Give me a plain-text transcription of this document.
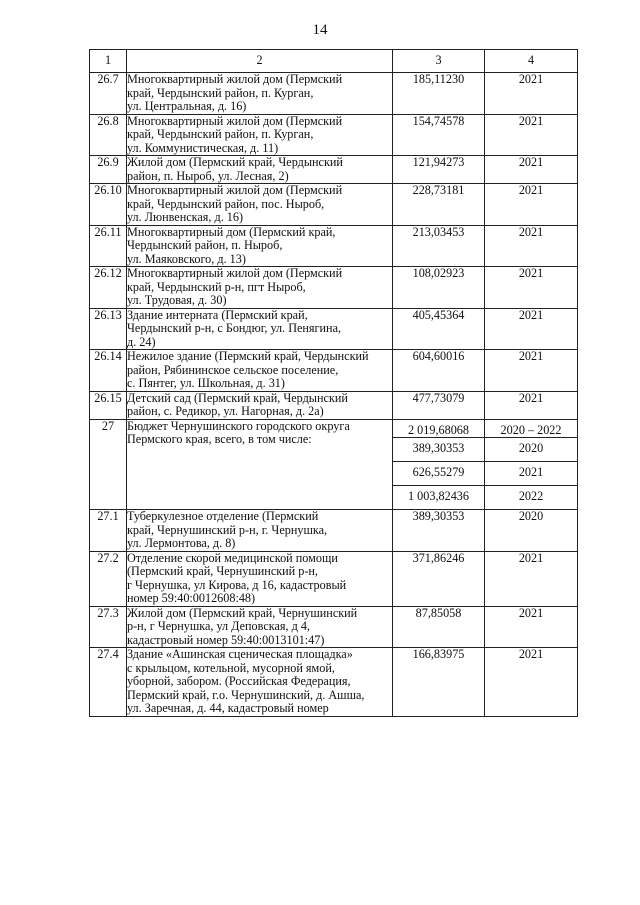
14
1	2	3	4
26.7	Многоквартирный жилой дом (Пермский
край, Чердынский район, п. Курган,
ул. Центральная, д. 16)	185,11230	2021
26.8	Многоквартирный жилой дом (Пермский
край, Чердынский район, п. Курган,
ул. Коммунистическая, д. 11)	154,74578	2021
26.9	Жилой дом (Пермский край, Чердынский
район, п. Ныроб, ул. Лесная, 2)	121,94273	2021
26.10	Многоквартирный жилой дом (Пермский
край, Чердынский район, пос. Ныроб,
ул. Люнвенская, д. 16)	228,73181	2021
26.11	Многоквартирный дом (Пермский край,
Чердынский район, п. Ныроб,
ул. Маяковского, д. 13)	213,03453	2021
26.12	Многоквартирный жилой дом (Пермский
край, Чердынский р-н, пгт Ныроб,
ул. Трудовая, д. 30)	108,02923	2021
26.13	Здание интерната (Пермский край,
Чердынский р-н, с Бондюг, ул. Пенягина,
д. 24)	405,45364	2021
26.14	Нежилое здание (Пермский край, Чердынский
район, Рябининское сельское поселение,
с. Пянтег, ул. Школьная, д. 31)	604,60016	2021
26.15	Детский сад (Пермский край, Чердынский
район, с. Редикор, ул. Нагорная, д. 2а)	477,73079	2021
27	Бюджет Чернушинского городского округа
Пермского края, всего, в том числе:	2 019,68068	2020 – 2022
		389,30353	2020
		626,55279	2021
		1 003,82436	2022
27.1	Туберкулезное отделение (Пермский
край, Чернушинский р-н, г. Чернушка,
ул. Лермонтова, д. 8)	389,30353	2020
27.2	Отделение скорой медицинской помощи
(Пермский край, Чернушинский р-н,
г Чернушка, ул Кирова, д 16, кадастровый
номер 59:40:0012608:48)	371,86246	2021
27.3	Жилой дом (Пермский край, Чернушинский
р-н, г Чернушка, ул Деповская, д 4,
кадастровый номер 59:40:0013101:47)	87,85058	2021
27.4	Здание «Ашинская сценическая площадка»
с крыльцом, котельной, мусорной ямой,
уборной, забором. (Российская Федерация,
Пермский край, г.о. Чернушинский, д. Ашша,
ул. Заречная, д. 44, кадастровый номер	166,83975	2021
